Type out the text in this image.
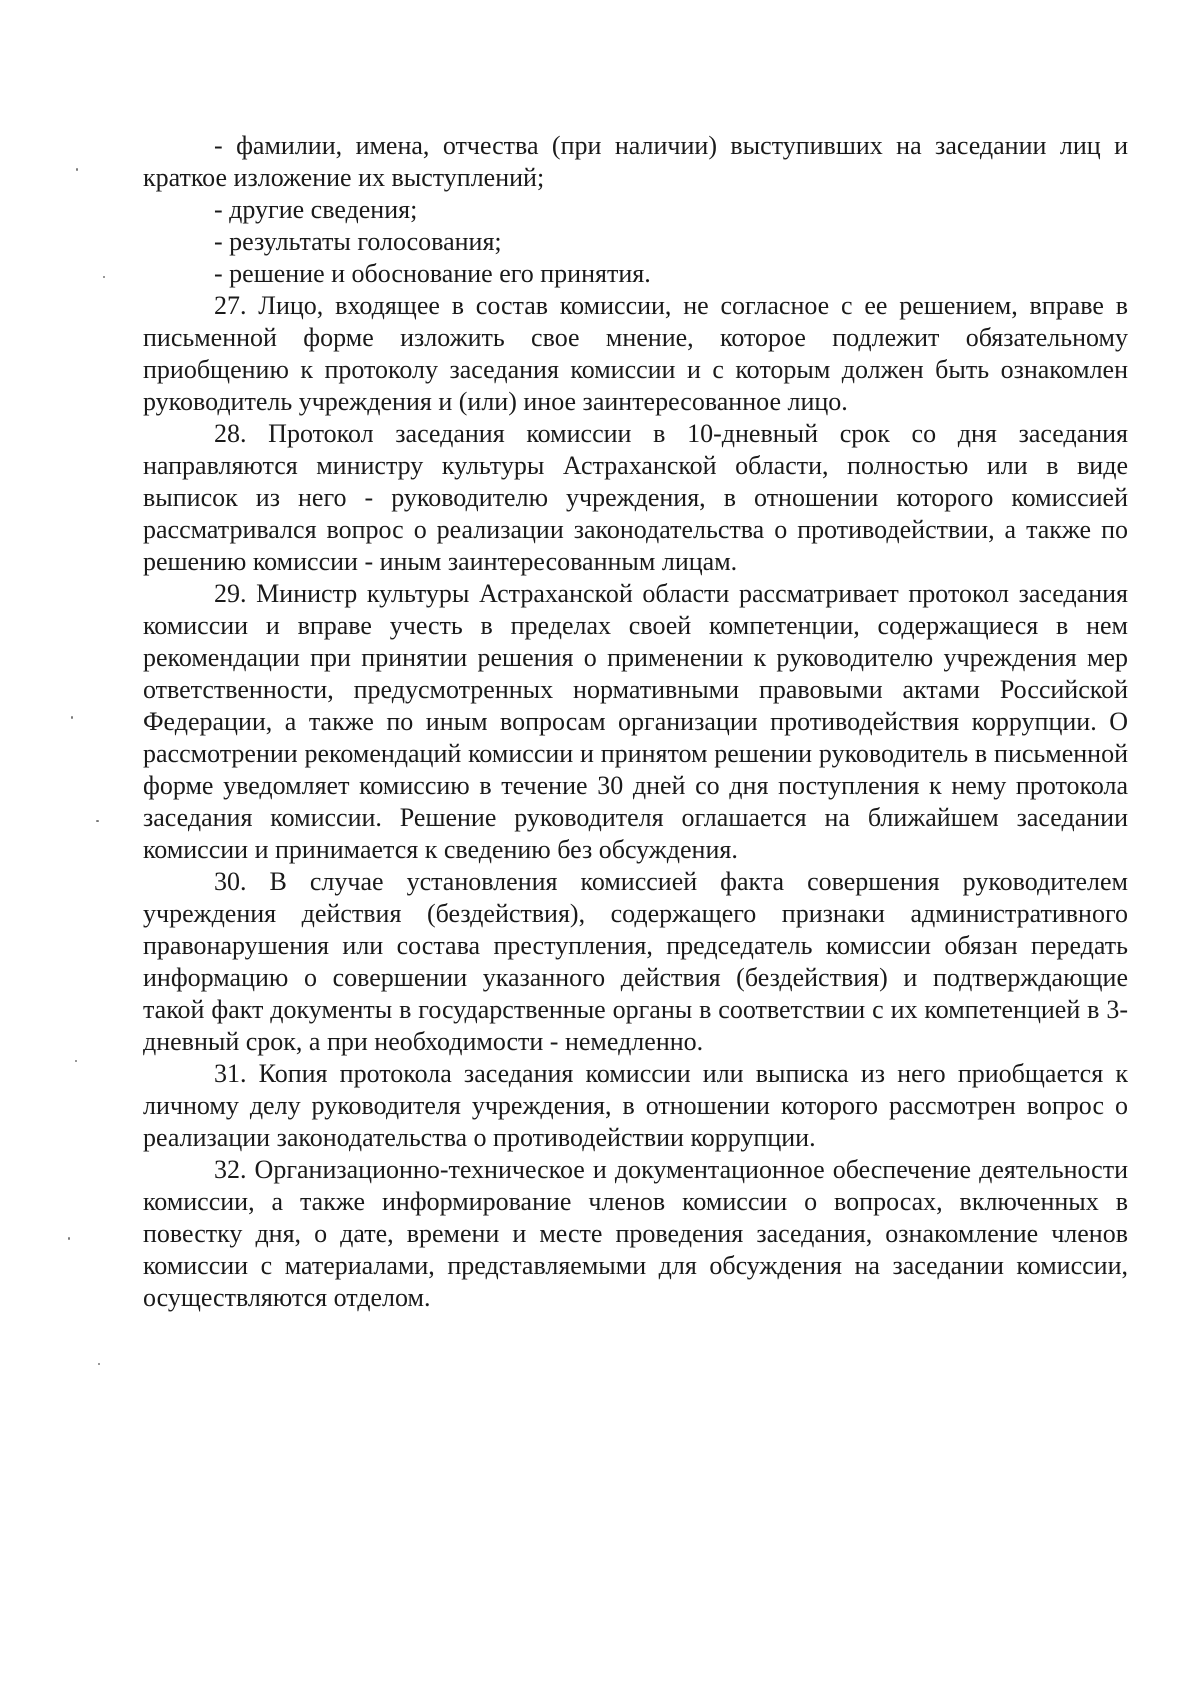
- фамилии, имена, отчества (при наличии) выступивших на заседании лиц и краткое изложение их выступлений;

- другие сведения;

- результаты голосования;

- решение и обоснование его принятия.

27. Лицо, входящее в состав комиссии, не согласное с ее решением, вправе в письменной форме изложить свое мнение, которое подлежит обязательному приобщению к протоколу заседания комиссии и с которым должен быть ознакомлен руководитель учреждения и (или) иное заинтересованное лицо.

28. Протокол заседания комиссии в 10-дневный срок со дня заседания направляются министру культуры Астраханской области, полностью или в виде выписок из него - руководителю учреждения, в отношении которого комиссией рассматривался вопрос о реализации законодательства о противодействии, а также по решению комиссии - иным заинтересованным лицам.

29. Министр культуры Астраханской области рассматривает протокол заседания комиссии и вправе учесть в пределах своей компетенции, содержащиеся в нем рекомендации при принятии решения о применении к руководителю учреждения мер ответственности, предусмотренных нормативными правовыми актами Российской Федерации, а также по иным вопросам организации противодействия коррупции. О рассмотрении рекомендаций комиссии и принятом решении руководитель в письменной форме уведомляет комиссию в течение 30 дней со дня поступления к нему протокола заседания комиссии. Решение руководителя оглашается на ближайшем заседании комиссии и принимается к сведению без обсуждения.

30. В случае установления комиссией факта совершения руководителем учреждения действия (бездействия), содержащего признаки административного правонарушения или состава преступления, председатель комиссии обязан передать информацию о совершении указанного действия (бездействия) и подтверждающие такой факт документы в государственные органы в соответствии с их компетенцией в 3-дневный срок, а при необходимости - немедленно.

31. Копия протокола заседания комиссии или выписка из него приобщается к личному делу руководителя учреждения, в отношении которого рассмотрен вопрос о реализации законодательства о противодействии коррупции.

32. Организационно-техническое и документационное обеспечение деятельности комиссии, а также информирование членов комиссии о вопросах, включенных в повестку дня, о дате, времени и месте проведения заседания, ознакомление членов комиссии с материалами, представляемыми для обсуждения на заседании комиссии, осуществляются отделом.
